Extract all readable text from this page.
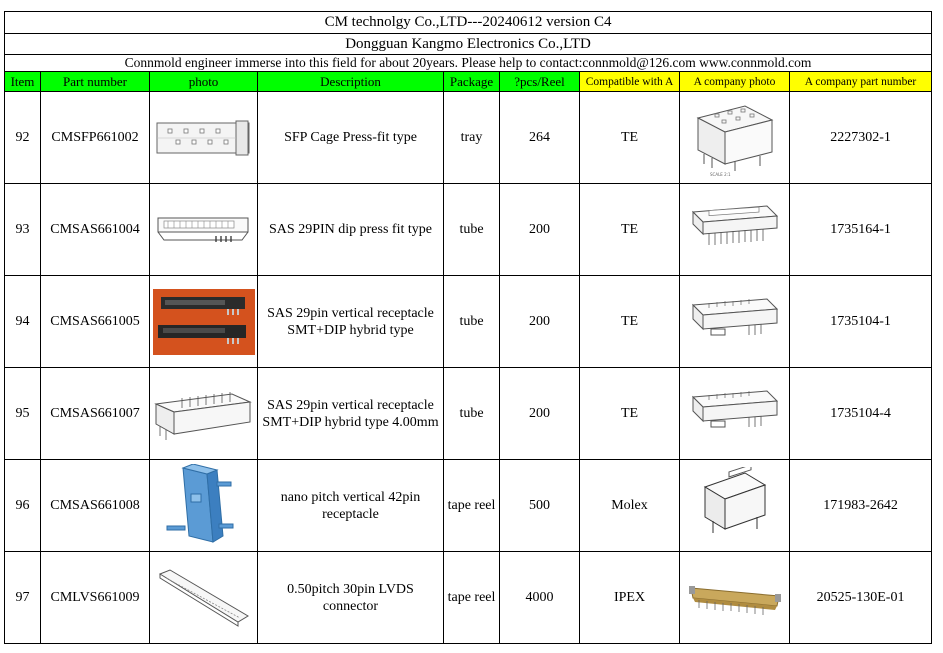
CM technolgy Co.,LTD---20240612 version C4								
Dongguan Kangmo Electronics Co.,LTD								
Connmold engineer immerse into this field for about 20years. Please help to contact:connmold@126.com www.connmold.com								
Item	Part number	photo	Description	Package	?pcs/Reel	Compatible with A	A company photo	A company part number
92	CMSFP661002		SFP Cage Press-fit type	tray	264	TE	SCALE 2:1	2227302-1
93	CMSAS661004		SAS 29PIN dip press fit type	tube	200	TE		1735164-1
94	CMSAS661005		SAS 29pin vertical receptacle
SMT+DIP hybrid type	tube	200	TE		1735104-1
95	CMSAS661007		SAS 29pin vertical receptacle
SMT+DIP hybrid type 4.00mm	tube	200	TE		1735104-4
96	CMSAS661008		nano pitch vertical 42pin
receptacle	tape reel	500	Molex		171983-2642
97	CMLVS661009		0.50pitch 30pin LVDS
connector	tape reel	4000	IPEX		20525-130E-01
